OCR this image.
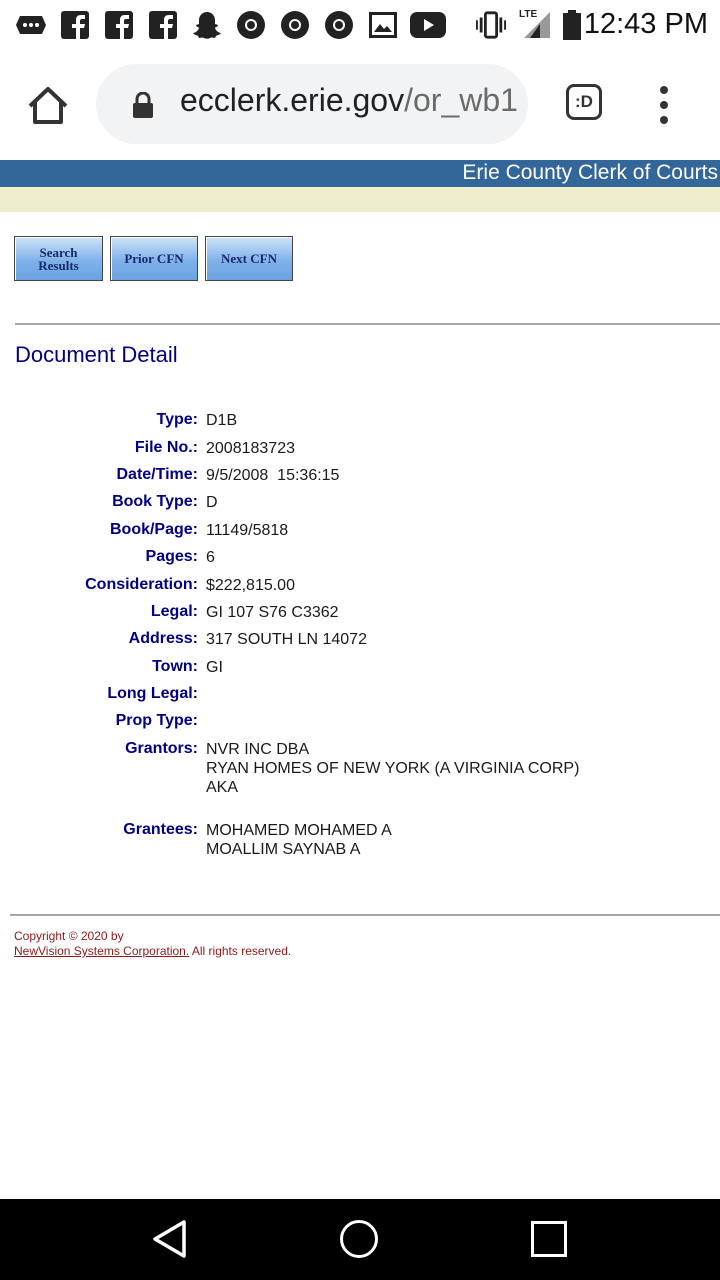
LTE 12:43 PM
ecclerk.erie.gov/or_wb1	:D
Erie County Clerk of Courts
Search
Results	Prior CFN	Next CFN
Document Detail
Type: D1B
File No.: 2008183723
Date/Time: 9/5/2008  15:36:15
Book Type: D
Book/Page: 11149/5818
Pages: 6
Consideration: $222,815.00
Legal: GI 107 S76 C3362
Address: 317 SOUTH LN 14072
Town: GI
Long Legal:
Prop Type:
Grantors: NVR INC DBA
RYAN HOMES OF NEW YORK (A VIRGINIA CORP)
AKA
Grantees: MOHAMED MOHAMED A
MOALLIM SAYNAB A
Copyright © 2020 by
NewVision Systems Corporation. All rights reserved.
